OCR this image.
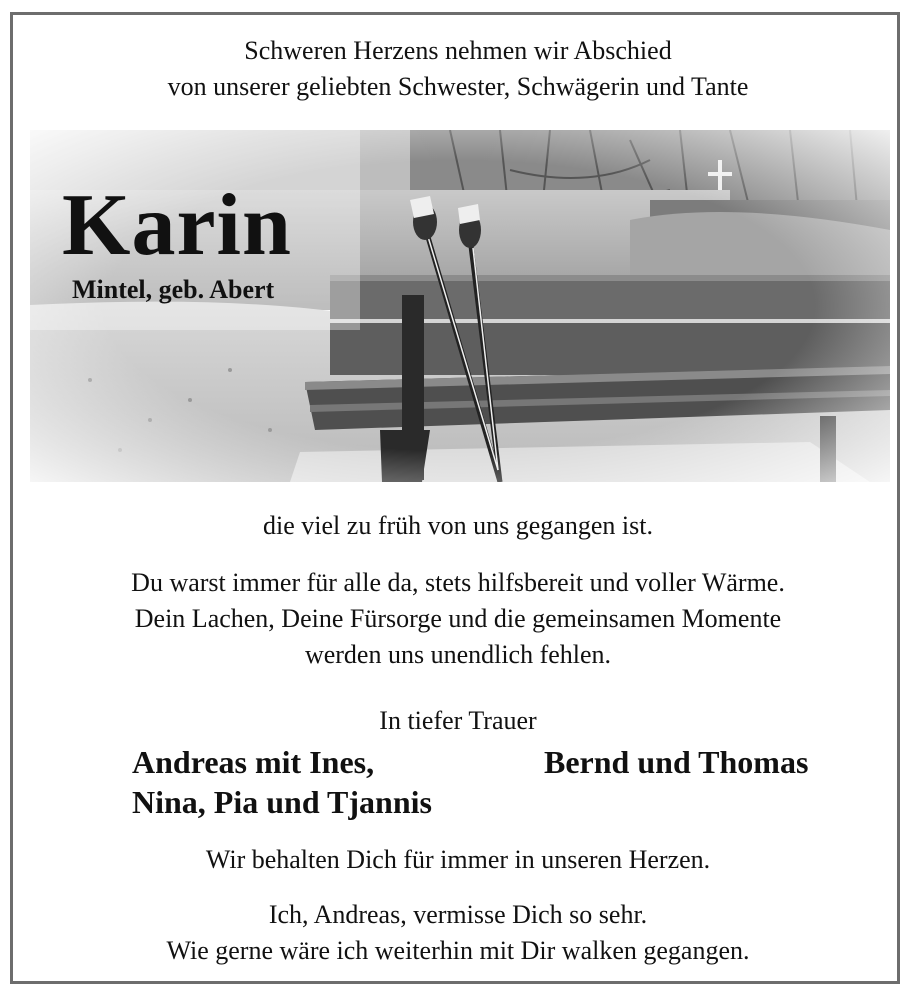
Schweren Herzens nehmen wir Abschied
von unserer geliebten Schwester, Schwägerin und Tante
Karin
Mintel, geb. Abert
die viel zu früh von uns gegangen ist.
Du warst immer für alle da, stets hilfsbereit und voller Wärme.
Dein Lachen, Deine Fürsorge und die gemeinsamen Momente
werden uns unendlich fehlen.
In tiefer Trauer
Andreas mit Ines,
Nina, Pia und Tjannis
Bernd und Thomas
Wir behalten Dich für immer in unseren Herzen.
Ich, Andreas, vermisse Dich so sehr.
Wie gerne wäre ich weiterhin mit Dir walken gegangen.
